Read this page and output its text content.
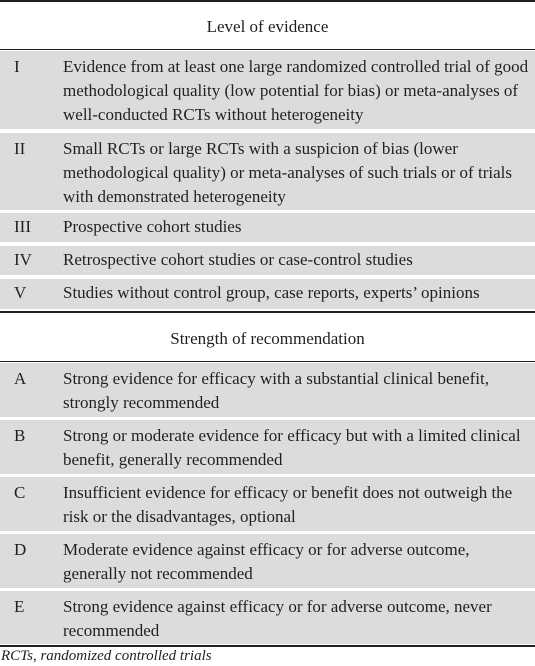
Level of evidence
I	Evidence from at least one large randomized controlled trial of good methodological quality (low potential for bias) or meta-analyses of well-conducted RCTs without heterogeneity
II Small RCTs or large RCTs with a suspicion of bias (lower methodological quality) or meta-analyses of such trials or of trials with demonstrated heterogeneity
III Prospective cohort studies
IV Retrospective cohort studies or case-control studies
V Studies without control group, case reports, experts’ opinions
Strength of recommendation
A Strong evidence for efficacy with a substantial clinical benefit, strongly recommended
B Strong or moderate evidence for efficacy but with a limited clinical benefit, generally recommended
C Insufficient evidence for efficacy or benefit does not outweigh the risk or the disadvantages, optional
D Moderate evidence against efficacy or for adverse outcome, generally not recommended
E Strong evidence against efficacy or for adverse outcome, never recommended
RCTs, randomized controlled trials
